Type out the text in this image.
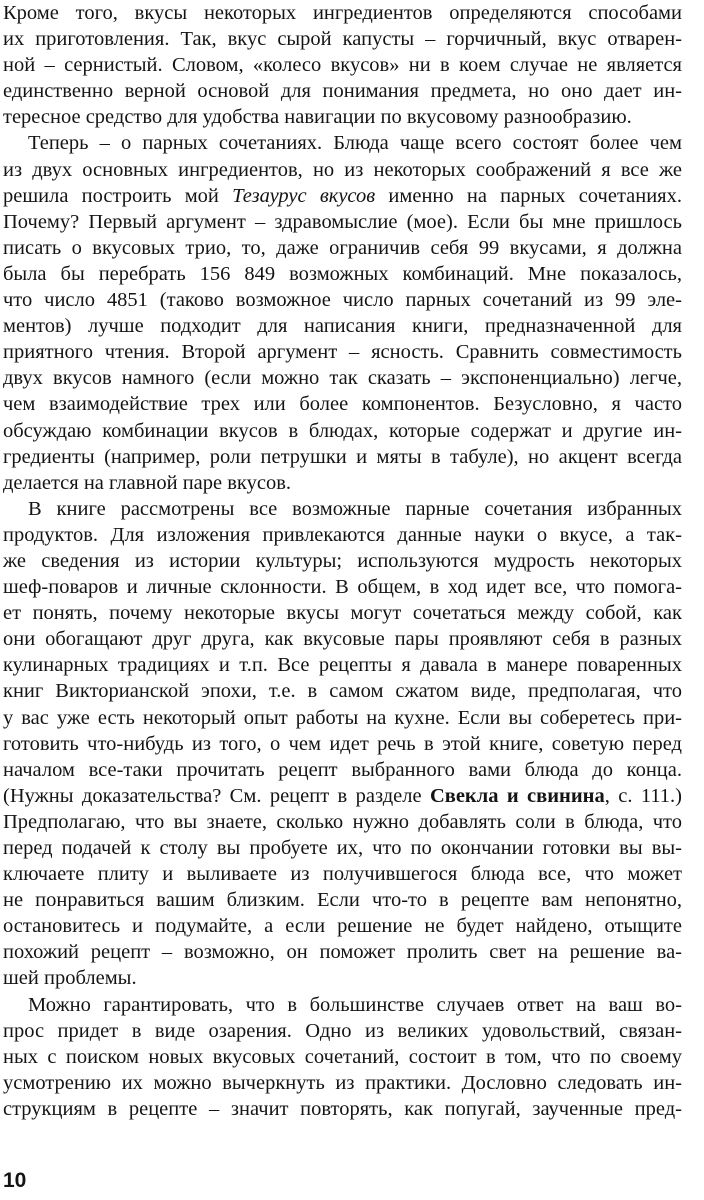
Кроме того, вкусы некоторых ингредиентов определяются способами
их приготовления. Так, вкус сырой капусты – горчичный, вкус отварен-
ной – сернистый. Словом, «колесо вкусов» ни в коем случае не является
единственно верной основой для понимания предмета, но оно дает ин-
тересное средство для удобства навигации по вкусовому разнообразию.
Теперь – о парных сочетаниях. Блюда чаще всего состоят более чем
из двух основных ингредиентов, но из некоторых соображений я все же
решила построить мой Тезаурус вкусов именно на парных сочетаниях.
Почему? Первый аргумент – здравомыслие (мое). Если бы мне пришлось
писать о вкусовых трио, то, даже ограничив себя 99 вкусами, я должна
была бы перебрать 156 849 возможных комбинаций. Мне показалось,
что число 4851 (таково возможное число парных сочетаний из 99 эле-
ментов) лучше подходит для написания книги, предназначенной для
приятного чтения. Второй аргумент – ясность. Сравнить совместимость
двух вкусов намного (если можно так сказать – экспоненциально) легче,
чем взаимодействие трех или более компонентов. Безусловно, я часто
обсуждаю комбинации вкусов в блюдах, которые содержат и другие ин-
гредиенты (например, роли петрушки и мяты в табуле), но акцент всегда
делается на главной паре вкусов.
В книге рассмотрены все возможные парные сочетания избранных
продуктов. Для изложения привлекаются данные науки о вкусе, а так-
же сведения из истории культуры; используются мудрость некоторых
шеф-поваров и личные склонности. В общем, в ход идет все, что помога-
ет понять, почему некоторые вкусы могут сочетаться между собой, как
они обогащают друг друга, как вкусовые пары проявляют себя в разных
кулинарных традициях и т.п. Все рецепты я давала в манере поваренных
книг Викторианской эпохи, т.е. в самом сжатом виде, предполагая, что
у вас уже есть некоторый опыт работы на кухне. Если вы соберетесь при-
готовить что-нибудь из того, о чем идет речь в этой книге, советую перед
началом все-таки прочитать рецепт выбранного вами блюда до конца.
(Нужны доказательства? См. рецепт в разделе Свекла и свинина, с. 111.)
Предполагаю, что вы знаете, сколько нужно добавлять соли в блюда, что
перед подачей к столу вы пробуете их, что по окончании готовки вы вы-
ключаете плиту и выливаете из получившегося блюда все, что может
не понравиться вашим близким. Если что-то в рецепте вам непонятно,
остановитесь и подумайте, а если решение не будет найдено, отыщите
похожий рецепт – возможно, он поможет пролить свет на решение ва-
шей проблемы.
Можно гарантировать, что в большинстве случаев ответ на ваш во-
прос придет в виде озарения. Одно из великих удовольствий, связан-
ных с поиском новых вкусовых сочетаний, состоит в том, что по своему
усмотрению их можно вычеркнуть из практики. Дословно следовать ин-
струкциям в рецепте – значит повторять, как попугай, заученные пред-
10
